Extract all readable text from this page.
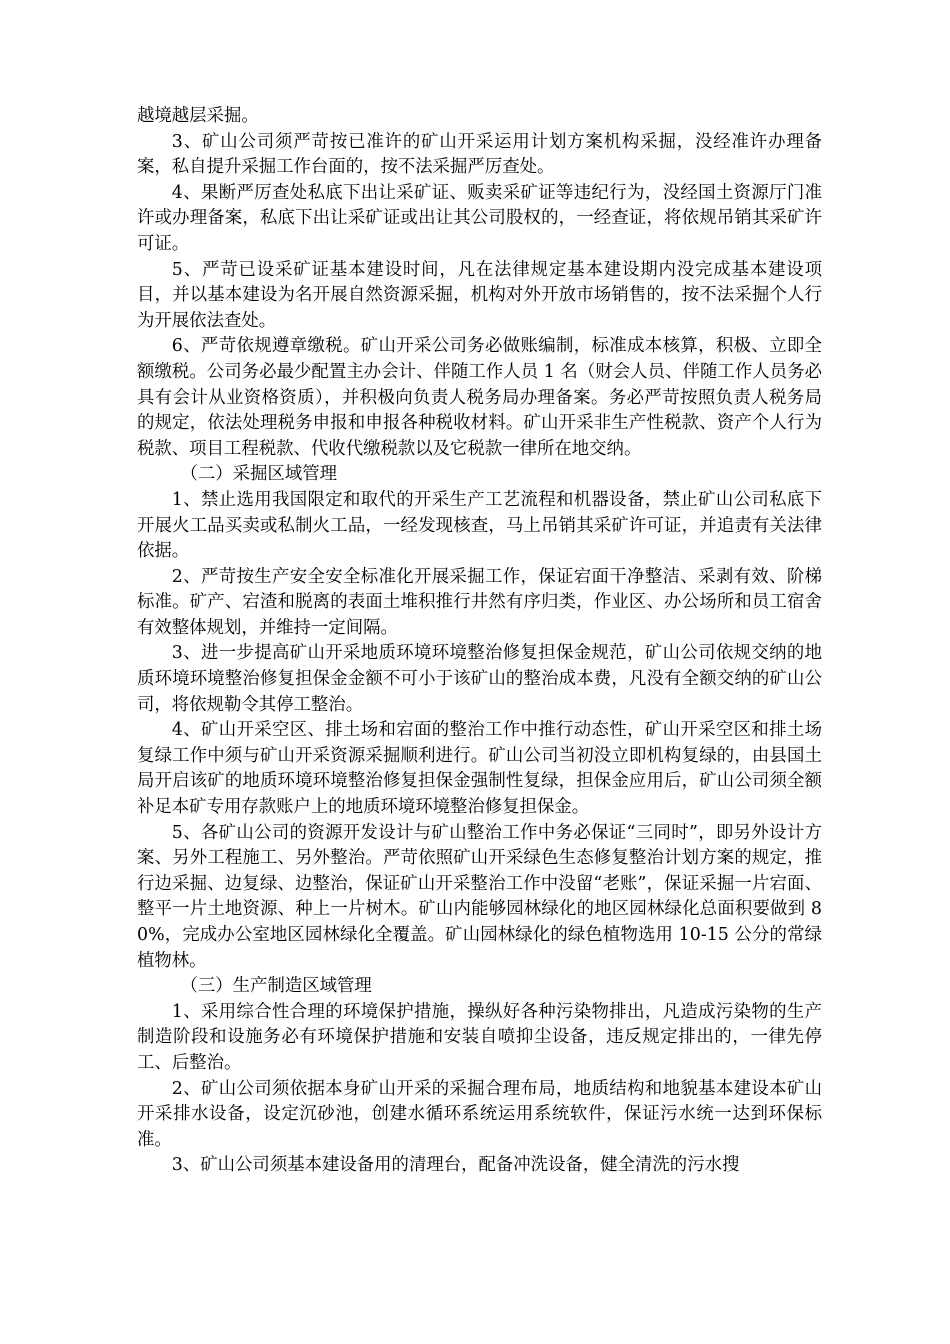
越境越层采掘。

3、矿山公司须严苛按已准许的矿山开采运用计划方案机构采掘，没经准许办理备案，私自提升采掘工作台面的，按不法采掘严厉查处。

4、果断严厉查处私底下出让采矿证、贩卖采矿证等违纪行为，没经国土资源厅门准许或办理备案，私底下出让采矿证或出让其公司股权的，一经查证，将依规吊销其采矿许可证。

5、严苛已设采矿证基本建设时间，凡在法律规定基本建设期内没完成基本建设项目，并以基本建设为名开展自然资源采掘，机构对外开放市场销售的，按不法采掘个人行为开展依法查处。

6、严苛依规遵章缴税。矿山开采公司务必做账编制，标准成本核算，积极、立即全额缴税。公司务必最少配置主办会计、伴随工作人员 1 名（财会人员、伴随工作人员务必具有会计从业资格资质），并积极向负责人税务局办理备案。务必严苛按照负责人税务局的规定，依法处理税务申报和申报各种税收材料。矿山开采非生产性税款、资产个人行为税款、项目工程税款、代收代缴税款以及它税款一律所在地交纳。

（二）采掘区域管理

1、禁止选用我国限定和取代的开采生产工艺流程和机器设备，禁止矿山公司私底下开展火工品买卖或私制火工品，一经发现核查，马上吊销其采矿许可证，并追责有关法律依据。

2、严苛按生产安全安全标准化开展采掘工作，保证宕面干净整洁、采剥有效、阶梯标准。矿产、宕渣和脱离的表面土堆积推行井然有序归类，作业区、办公场所和员工宿舍有效整体规划，并维持一定间隔。

3、进一步提高矿山开采地质环境环境整治修复担保金规范，矿山公司依规交纳的地质环境环境整治修复担保金金额不可小于该矿山的整治成本费，凡没有全额交纳的矿山公司，将依规勒令其停工整治。

4、矿山开采空区、排土场和宕面的整治工作中推行动态性，矿山开采空区和排土场复绿工作中须与矿山开采资源采掘顺利进行。矿山公司当初没立即机构复绿的，由县国土局开启该矿的地质环境环境整治修复担保金强制性复绿，担保金应用后，矿山公司须全额补足本矿专用存款账户上的地质环境环境整治修复担保金。

5、各矿山公司的资源开发设计与矿山整治工作中务必保证“三同时”，即另外设计方案、另外工程施工、另外整治。严苛依照矿山开采绿色生态修复整治计划方案的规定，推行边采掘、边复绿、边整治，保证矿山开采整治工作中没留“老账”，保证采掘一片宕面、整平一片土地资源、种上一片树木。矿山内能够园林绿化的地区园林绿化总面积要做到 80%，完成办公室地区园林绿化全覆盖。矿山园林绿化的绿色植物选用 10-15 公分的常绿植物林。

（三）生产制造区域管理

1、采用综合性合理的环境保护措施，操纵好各种污染物排出，凡造成污染物的生产制造阶段和设施务必有环境保护措施和安装自喷抑尘设备，违反规定排出的，一律先停工、后整治。

2、矿山公司须依据本身矿山开采的采掘合理布局，地质结构和地貌基本建设本矿山开采排水设备，设定沉砂池，创建水循环系统运用系统软件，保证污水统一达到环保标准。

3、矿山公司须基本建设备用的清理台，配备冲洗设备，健全清洗的污水搜
